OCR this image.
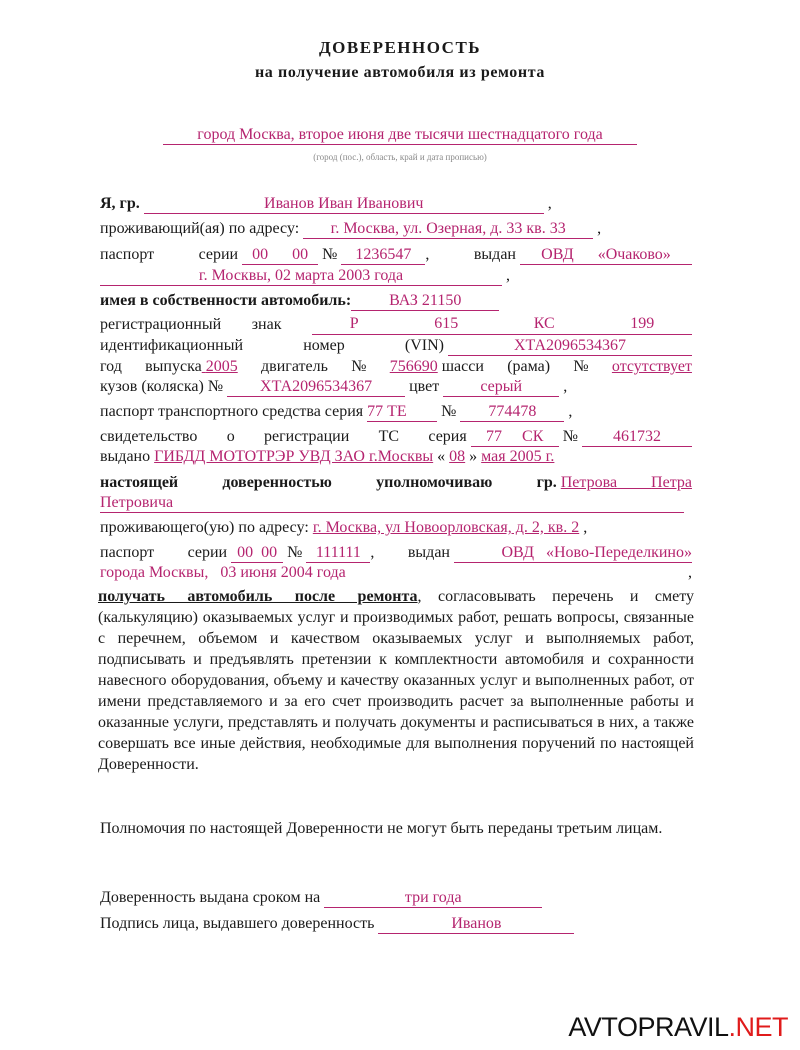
ДОВЕРЕННОСТЬ
на получение автомобиля из ремонта
город Москва, второе июня две тысячи шестнадцатого года
(город (пос.), область, край и дата прописью)
Я, гр.	Иванов Иван Иванович	,
проживающий(ая) по адресу: г. Москва, ул. Озерная, д. 33 кв. 33 ,
паспорт	серии 00 00 № 1236547 ,	выдан ОВД «Очаково»
г. Москвы, 02 марта 2003 года	,
имея в собственности автомобиль: ВАЗ 21150
регистрационный знак	Р	615	КС	199
идентификационный	номер	(VIN)	ХТА2096534367
год выпуска 2005 двигатель № 756690 шасси (рама) № отсутствует
кузов (коляска) № ХТА2096534367 цвет	серый	,
паспорт транспортного средства серия 77 ТЕ № 774478 ,
свидетельство о регистрации ТС серия 77 СК № 461732
выдано ГИБДД МОТОТРЭР УВД ЗАО г.Москвы « 08 » мая 2005 г.
настоящей	доверенностью	уполномочиваю	гр. Петрова Петра
Петровича
проживающего(ую) по адресу: г. Москва, ул Новоорловская, д. 2, кв. 2 ,
паспорт серии 00  00 № 111111 , выдан	ОВД «Ново-Переделкино»
города Москвы,   03 июня 2004 года	,
получать автомобиль после ремонта, согласовывать перечень и смету (калькуляцию) оказываемых услуг и производимых работ, решать вопросы, связанные с перечнем, объемом и качеством оказываемых услуг и выполняемых работ, подписывать и предъявлять претензии к комплектности автомобиля и сохранности навесного оборудования, объему и качеству оказанных услуг и выполненных работ, от имени представляемого и за его счет производить расчет за выполненные работы и оказанные услуги, представлять и получать документы и расписываться в них, а также совершать все иные действия, необходимые для выполнения поручений по настоящей Доверенности.
Полномочия по настоящей Доверенности не могут быть переданы третьим лицам.
Доверенность выдана сроком на	три года
Подпись лица, выдавшего доверенность	Иванов
AVTOPRAVIL.NET
